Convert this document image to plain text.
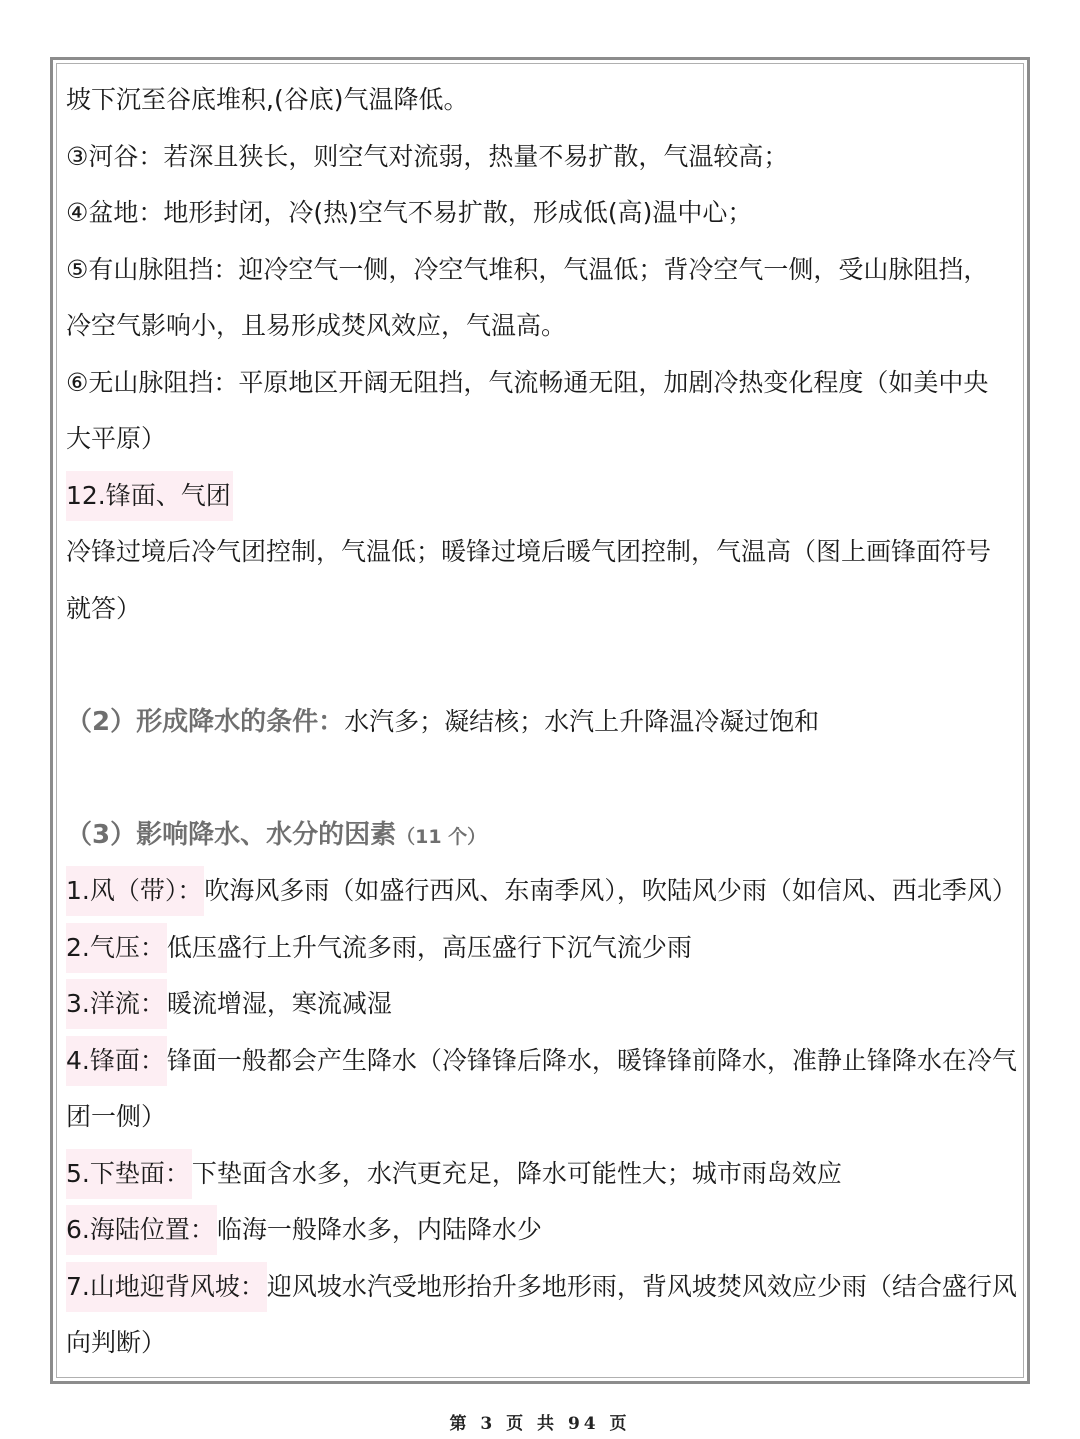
坡下沉至谷底堆积,(谷底)气温降低。
③河谷：若深且狭长，则空气对流弱，热量不易扩散，气温较高；
④盆地：地形封闭，冷(热)空气不易扩散，形成低(高)温中心；
⑤有山脉阻挡：迎冷空气一侧，冷空气堆积，气温低；背冷空气一侧，受山脉阻挡，
冷空气影响小，且易形成焚风效应，气温高。
⑥无山脉阻挡：平原地区开阔无阻挡，气流畅通无阻，加剧冷热变化程度（如美中央
大平原）
12.锋面、气团
冷锋过境后冷气团控制，气温低；暖锋过境后暖气团控制，气温高（图上画锋面符号
就答）
（2）形成降水的条件：水汽多；凝结核；水汽上升降温冷凝过饱和
（3）影响降水、水分的因素（11 个）
1.风（带）：吹海风多雨（如盛行西风、东南季风），吹陆风少雨（如信风、西北季风）
2.气压：低压盛行上升气流多雨，高压盛行下沉气流少雨
3.洋流：暖流增湿，寒流减湿
4.锋面：锋面一般都会产生降水（冷锋锋后降水，暖锋锋前降水，准静止锋降水在冷气
团一侧）
5.下垫面：下垫面含水多，水汽更充足，降水可能性大；城市雨岛效应
6.海陆位置：临海一般降水多，内陆降水少
7.山地迎背风坡：迎风坡水汽受地形抬升多地形雨，背风坡焚风效应少雨（结合盛行风
向判断）
第 3 页 共 94 页
